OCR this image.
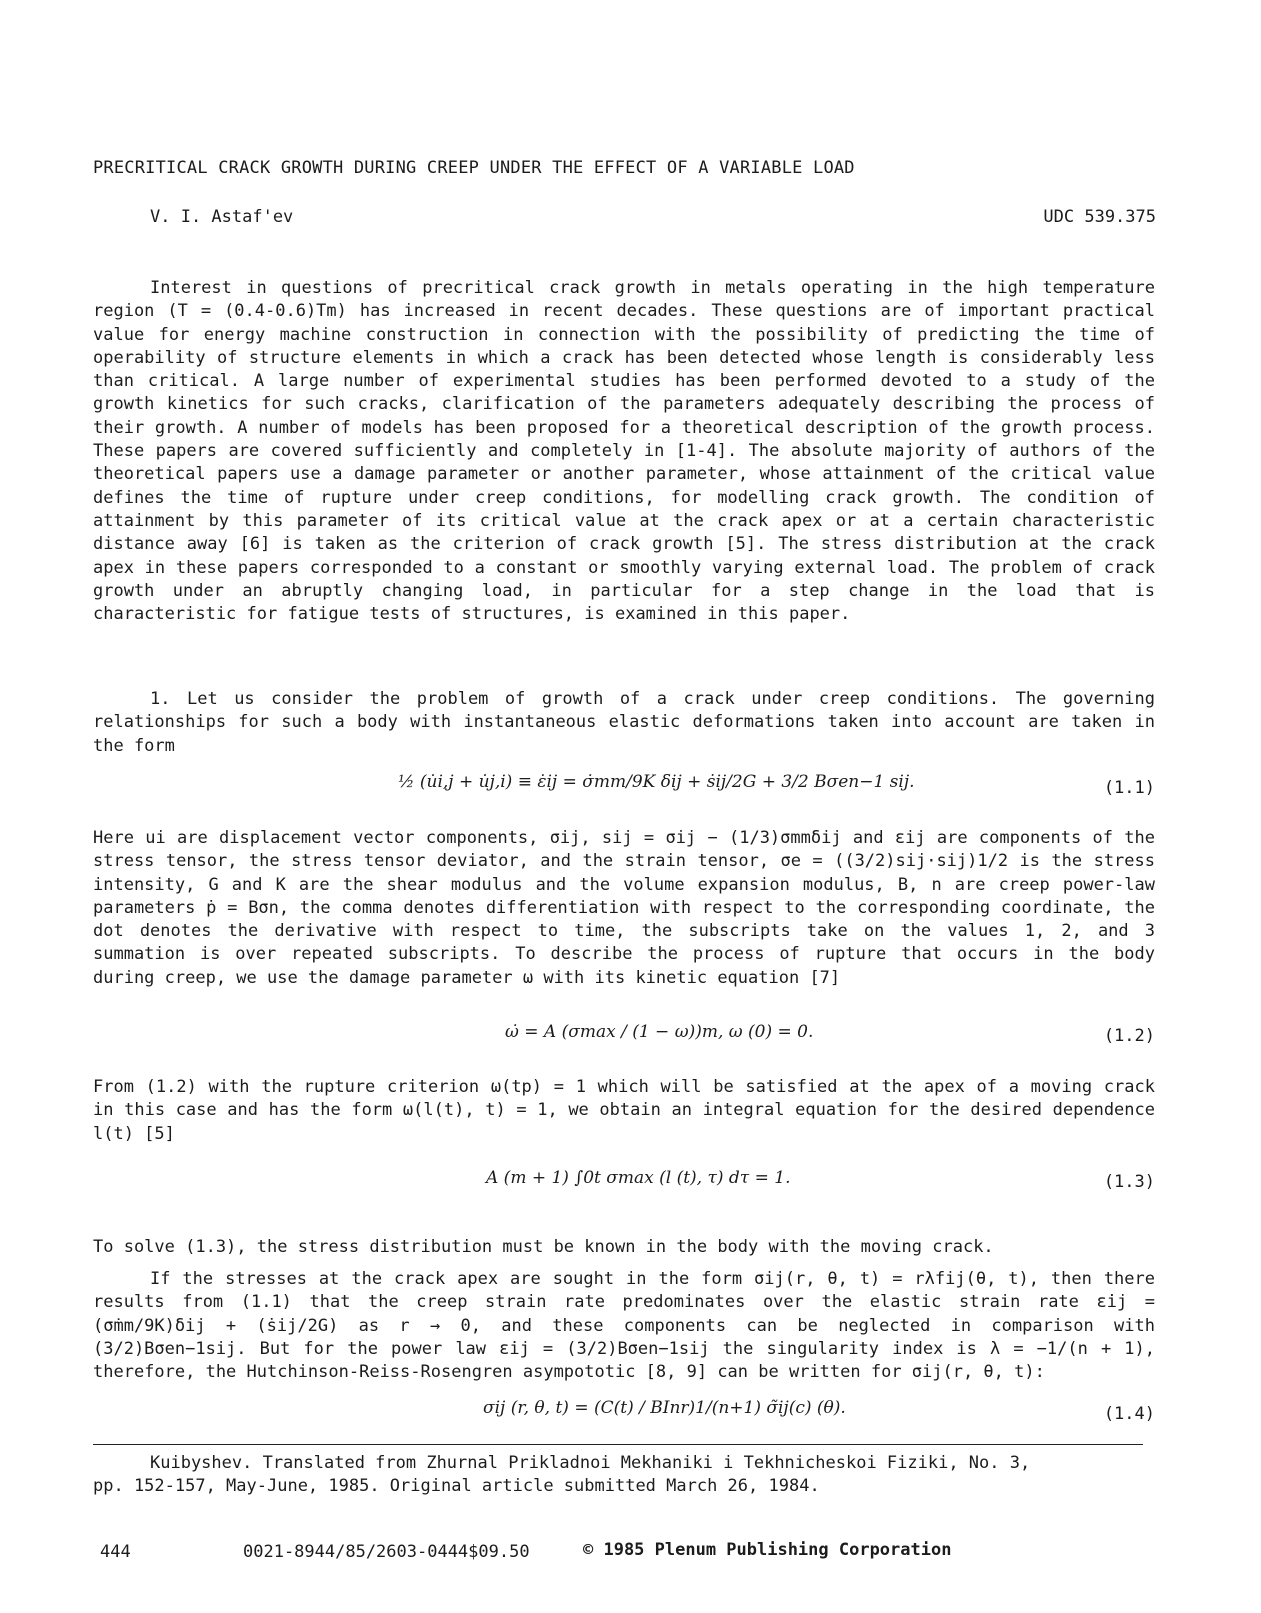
PRECRITICAL CRACK GROWTH DURING CREEP UNDER THE EFFECT OF A VARIABLE LOAD
V. I. Astaf'ev	UDC 539.375

Interest in questions of precritical crack growth in metals operating in the high temperature region (T = (0.4-0.6)Tm) has increased in recent decades. These questions are of important practical value for energy machine construction in connection with the possibility of predicting the time of operability of structure elements in which a crack has been detected whose length is considerably less than critical. A large number of experimental studies has been performed devoted to a study of the growth kinetics for such cracks, clarification of the parameters adequately describing the process of their growth. A number of models has been proposed for a theoretical description of the growth process. These papers are covered sufficiently and completely in [1-4]. The absolute majority of authors of the theoretical papers use a damage parameter or another parameter, whose attainment of the critical value defines the time of rupture under creep conditions, for modelling crack growth. The condition of attainment by this parameter of its critical value at the crack apex or at a certain characteristic distance away [6] is taken as the criterion of crack growth [5]. The stress distribution at the crack apex in these papers corresponded to a constant or smoothly varying external load. The problem of crack growth under an abruptly changing load, in particular for a step change in the load that is characteristic for fatigue tests of structures, is examined in this paper.

1. Let us consider the problem of growth of a crack under creep conditions. The governing relationships for such a body with instantaneous elastic deformations taken into account are taken in the form

½ (u̇i,j + u̇j,i) ≡ ε̇ij = σ̇mm/9K δij + ṡij/2G + 3/2 Bσen−1 sij.	(1.1)

Here ui are displacement vector components, σij, sij = σij − (1/3)σmmδij and εij are components of the stress tensor, the stress tensor deviator, and the strain tensor, σe = ((3/2)sij·sij)1/2 is the stress intensity, G and K are the shear modulus and the volume expansion modulus, B, n are creep power-law parameters ṗ = Bσn, the comma denotes differentiation with respect to the corresponding coordinate, the dot denotes the derivative with respect to time, the subscripts take on the values 1, 2, and 3 summation is over repeated subscripts. To describe the process of rupture that occurs in the body during creep, we use the damage parameter ω with its kinetic equation [7]

ω̇ = A (σmax / (1 − ω))m, ω (0) = 0.	(1.2)

From (1.2) with the rupture criterion ω(tp) = 1 which will be satisfied at the apex of a moving crack in this case and has the form ω(l(t), t) = 1, we obtain an integral equation for the desired dependence l(t) [5]

A (m + 1) ∫0t σmax (l (t), τ) dτ = 1.	(1.3)

To solve (1.3), the stress distribution must be known in the body with the moving crack.

If the stresses at the crack apex are sought in the form σij(r, θ, t) = rλfij(θ, t), then there results from (1.1) that the creep strain rate predominates over the elastic strain rate ε̇ij = (σ̇mm/9K)δij + (ṡij/2G) as r → 0, and these components can be neglected in comparison with (3/2)Bσen−1sij. But for the power law ε̇ij = (3/2)Bσen−1sij the singularity index is λ = −1/(n + 1), therefore, the Hutchinson-Reiss-Rosengren asympototic [8, 9] can be written for σij(r, θ, t):

σij (r, θ, t) = (C(t) / BInr)1/(n+1) σ̃ij(c) (θ).	(1.4)

Kuibyshev. Translated from Zhurnal Prikladnoi Mekhaniki i Tekhnicheskoi Fiziki, No. 3,
pp. 152-157, May-June, 1985. Original article submitted March 26, 1984.

444	0021-8944/85/2603-0444$09.50	© 1985 Plenum Publishing Corporation
